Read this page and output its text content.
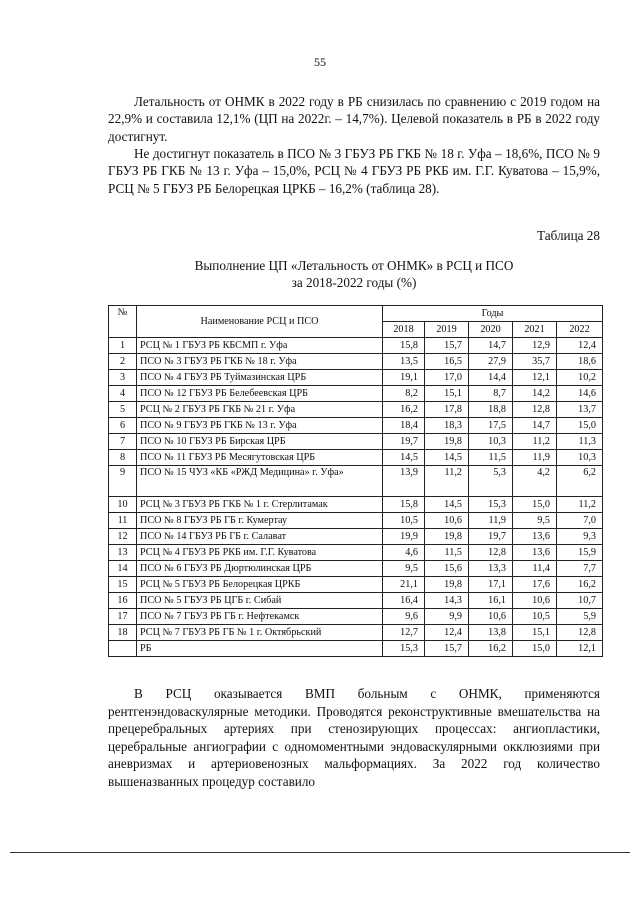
55

Летальность от ОНМК в 2022 году в РБ снизилась по сравнению с 2019 годом на 22,9% и составила 12,1% (ЦП на 2022г. – 14,7%). Целевой показатель в РБ в 2022 году достигнут.

Не достигнут показатель в ПСО № 3 ГБУЗ РБ ГКБ № 18 г. Уфа – 18,6%, ПСО № 9 ГБУЗ РБ ГКБ № 13 г. Уфа – 15,0%, РСЦ № 4 ГБУЗ РБ РКБ им. Г.Г. Куватова – 15,9%, РСЦ № 5 ГБУЗ РБ Белорецкая ЦРКБ – 16,2% (таблица 28).

Таблица 28
Выполнение ЦП «Летальность от ОНМК» в РСЦ и ПСО
за 2018-2022 годы (%)
№	Наименование РСЦ и ПСО	Годы				
		2018	2019	2020	2021	2022
1	РСЦ № 1 ГБУЗ РБ КБСМП г. Уфа	15,8	15,7	14,7	12,9	12,4
2	ПСО № 3 ГБУЗ РБ ГКБ № 18 г. Уфа	13,5	16,5	27,9	35,7	18,6
3	ПСО № 4 ГБУЗ РБ Туймазинская ЦРБ	19,1	17,0	14,4	12,1	10,2
4	ПСО № 12 ГБУЗ РБ Белебеевская ЦРБ	8,2	15,1	8,7	14,2	14,6
5	РСЦ № 2 ГБУЗ РБ ГКБ № 21 г. Уфа	16,2	17,8	18,8	12,8	13,7
6	ПСО № 9 ГБУЗ РБ ГКБ № 13 г. Уфа	18,4	18,3	17,5	14,7	15,0
7	ПСО № 10 ГБУЗ РБ Бирская ЦРБ	19,7	19,8	10,3	11,2	11,3
8	ПСО № 11 ГБУЗ РБ Месягутовская ЦРБ	14,5	14,5	11,5	11,9	10,3
9	ПСО № 15 ЧУЗ «КБ «РЖД Медицина» г. Уфа»	13,9	11,2	5,3	4,2	6,2
10	РСЦ № 3 ГБУЗ РБ ГКБ № 1 г. Стерлитамак	15,8	14,5	15,3	15,0	11,2
11	ПСО № 8 ГБУЗ РБ ГБ г. Кумертау	10,5	10,6	11,9	9,5	7,0
12	ПСО № 14 ГБУЗ РБ ГБ г. Салават	19,9	19,8	19,7	13,6	9,3
13	РСЦ № 4 ГБУЗ РБ РКБ им. Г.Г. Куватова	4,6	11,5	12,8	13,6	15,9
14	ПСО № 6 ГБУЗ РБ Дюртюлинская ЦРБ	9,5	15,6	13,3	11,4	7,7
15	РСЦ № 5 ГБУЗ РБ Белорецкая ЦРКБ	21,1	19,8	17,1	17,6	16,2
16	ПСО № 5 ГБУЗ РБ ЦГБ г. Сибай	16,4	14,3	16,1	10,6	10,7
17	ПСО № 7 ГБУЗ РБ ГБ г. Нефтекамск	9,6	9,9	10,6	10,5	5,9
18	РСЦ № 7 ГБУЗ РБ ГБ № 1 г. Октябрьский	12,7	12,4	13,8	15,1	12,8
	РБ	15,3	15,7	16,2	15,0	12,1

В РСЦ оказывается ВМП больным с ОНМК, применяются рентгенэндоваскулярные методики. Проводятся реконструктивные вмешательства на прецеребральных артериях при стенозирующих процессах: ангиопластики, церебральные ангиографии с одномоментными эндоваскулярными окклюзиями при аневризмах и артериовенозных мальформациях. За 2022 год количество вышеназванных процедур составило
